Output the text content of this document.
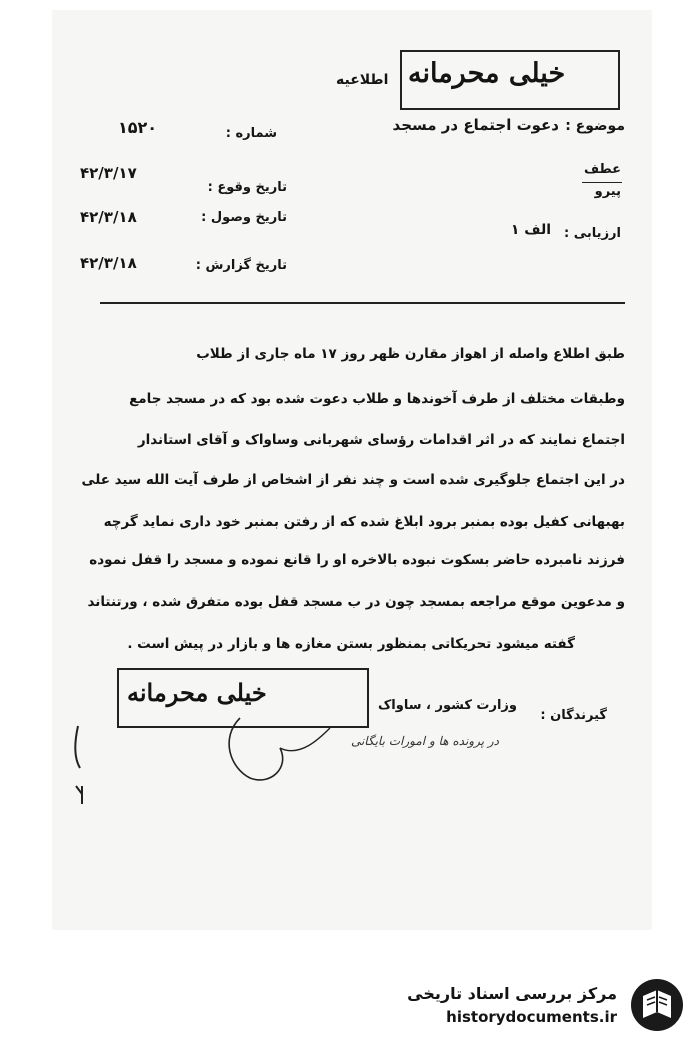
خیلی محرمانه
اطلاعیه
موضوع :
دعوت اجتماع در مسجد
شماره :
۱۵۲۰
عطف
پیرو
تاریخ وقوع :
۴۲/۳/۱۷
تاریخ وصول :
۴۲/۳/۱۸
تاریخ گزارش :
۴۲/۳/۱۸
ارزیابی :
الف ۱
طبق اطلاع واصله از اهواز مقارن ظهر روز ۱۷ ماه جاری از طلاب
وطبقات مختلف از طرف آخوندها و طلاب دعوت شده بود که در مسجد جامع
اجتماع نمایند که در اثر اقدامات رؤسای شهربانی وساواک و آقای استاندار
در این اجتماع جلوگیری شده است و چند نفر از اشخاص از طرف آیت الله سید علی
بهبهانی کفیل بوده بمنبر برود ابلاغ شده که از رفتن بمنبر خود داری نماید گرچه
فرزند نامبرده حاضر بسکوت نبوده بالاخره او را قانع نموده و مسجد را قفل نموده
و مدعوین موقع مراجعه بمسجد چون در ب مسجد قفل بوده متفرق شده ، ورتنتاند
گفته میشود تحریکاتی بمنظور بستن مغازه ها و بازار در پیش است .
گیرندگان :
وزارت کشور ، ساواک
خیلی محرمانه
در پرونده ها و امورات بایگانی
مرکز بررسی اسناد تاریخی
historydocuments.ir
